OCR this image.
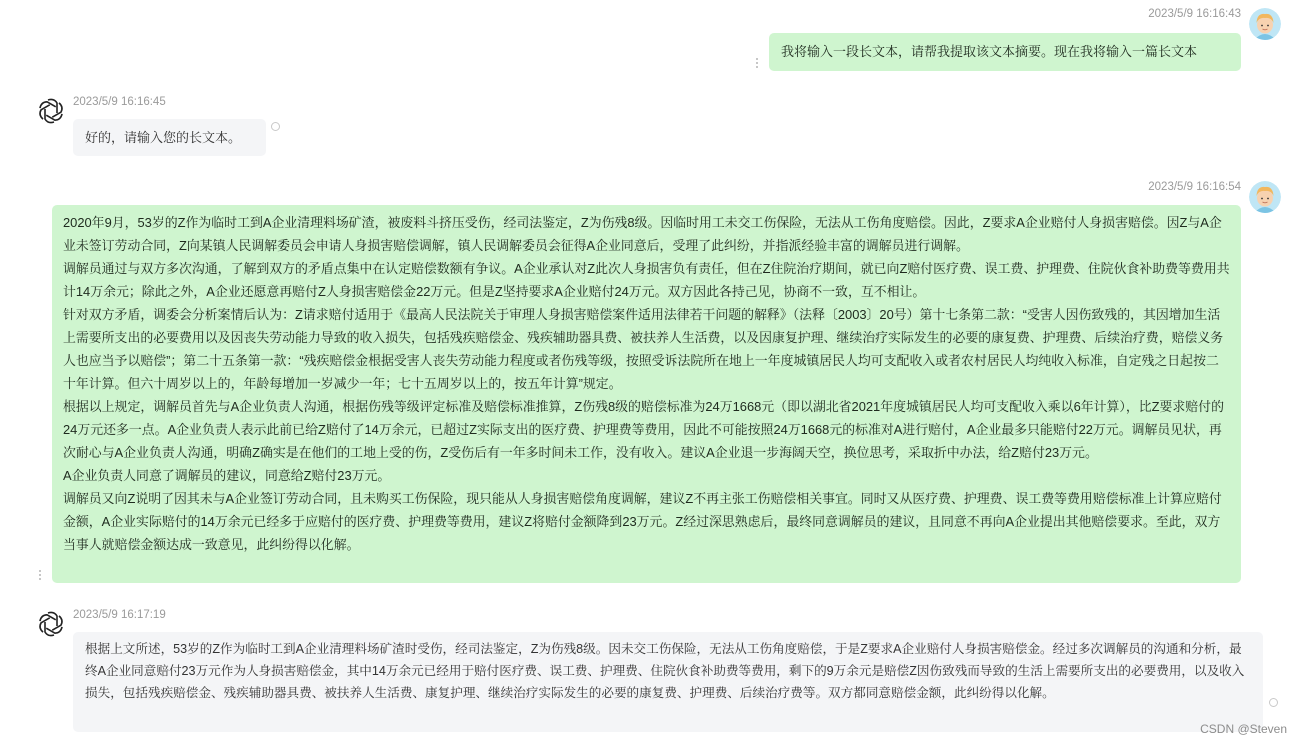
2023/5/9 16:16:43

我将输入一段长文本，请帮我提取该文本摘要。现在我将输入一篇长文本

2023/5/9 16:16:45

好的，请输入您的长文本。

2023/5/9 16:16:54

2020年9月，53岁的Z作为临时工到A企业清理料场矿渣，被废料斗挤压受伤，经司法鉴定，Z为伤残8级。因临时用工未交工伤保险，无法从工伤角度赔偿。因此，Z要求A企业赔付人身损害赔偿。因Z与A企业未签订劳动合同，Z向某镇人民调解委员会申请人身损害赔偿调解，镇人民调解委员会征得A企业同意后，受理了此纠纷，并指派经验丰富的调解员进行调解。

调解员通过与双方多次沟通，了解到双方的矛盾点集中在认定赔偿数额有争议。A企业承认对Z此次人身损害负有责任，但在Z住院治疗期间，就已向Z赔付医疗费、误工费、护理费、住院伙食补助费等费用共计14万余元；除此之外，A企业还愿意再赔付Z人身损害赔偿金22万元。但是Z坚持要求A企业赔付24万元。双方因此各持己见，协商不一致，互不相让。

针对双方矛盾，调委会分析案情后认为：Z请求赔付适用于《最高人民法院关于审理人身损害赔偿案件适用法律若干问题的解释》（法释〔2003〕20号）第十七条第二款：“受害人因伤致残的，其因增加生活上需要所支出的必要费用以及因丧失劳动能力导致的收入损失，包括残疾赔偿金、残疾辅助器具费、被扶养人生活费，以及因康复护理、继续治疗实际发生的必要的康复费、护理费、后续治疗费，赔偿义务人也应当予以赔偿”；第二十五条第一款：“残疾赔偿金根据受害人丧失劳动能力程度或者伤残等级，按照受诉法院所在地上一年度城镇居民人均可支配收入或者农村居民人均纯收入标准，自定残之日起按二十年计算。但六十周岁以上的，年龄每增加一岁减少一年；七十五周岁以上的，按五年计算”规定。

根据以上规定，调解员首先与A企业负责人沟通，根据伤残等级评定标准及赔偿标准推算，Z伤残8级的赔偿标准为24万1668元（即以湖北省2021年度城镇居民人均可支配收入乘以6年计算），比Z要求赔付的24万元还多一点。A企业负责人表示此前已给Z赔付了14万余元，已超过Z实际支出的医疗费、护理费等费用，因此不可能按照24万1668元的标准对A进行赔付，A企业最多只能赔付22万元。调解员见状，再次耐心与A企业负责人沟通，明确Z确实是在他们的工地上受的伤，Z受伤后有一年多时间未工作，没有收入。建议A企业退一步海阔天空，换位思考，采取折中办法，给Z赔付23万元。

A企业负责人同意了调解员的建议，同意给Z赔付23万元。

调解员又向Z说明了因其未与A企业签订劳动合同，且未购买工伤保险，现只能从人身损害赔偿角度调解，建议Z不再主张工伤赔偿相关事宜。同时又从医疗费、护理费、误工费等费用赔偿标准上计算应赔付金额，A企业实际赔付的14万余元已经多于应赔付的医疗费、护理费等费用，建议Z将赔付金额降到23万元。Z经过深思熟虑后，最终同意调解员的建议，且同意不再向A企业提出其他赔偿要求。至此，双方当事人就赔偿金额达成一致意见，此纠纷得以化解。

2023/5/9 16:17:19

根据上文所述，53岁的Z作为临时工到A企业清理料场矿渣时受伤，经司法鉴定，Z为伤残8级。因未交工伤保险，无法从工伤角度赔偿，于是Z要求A企业赔付人身损害赔偿金。经过多次调解员的沟通和分析，最终A企业同意赔付23万元作为人身损害赔偿金，其中14万余元已经用于赔付医疗费、误工费、护理费、住院伙食补助费等费用，剩下的9万余元是赔偿Z因伤致残而导致的生活上需要所支出的必要费用，以及收入损失，包括残疾赔偿金、残疾辅助器具费、被扶养人生活费、康复护理、继续治疗实际发生的必要的康复费、护理费、后续治疗费等。双方都同意赔偿金额，此纠纷得以化解。

CSDN @Steven
